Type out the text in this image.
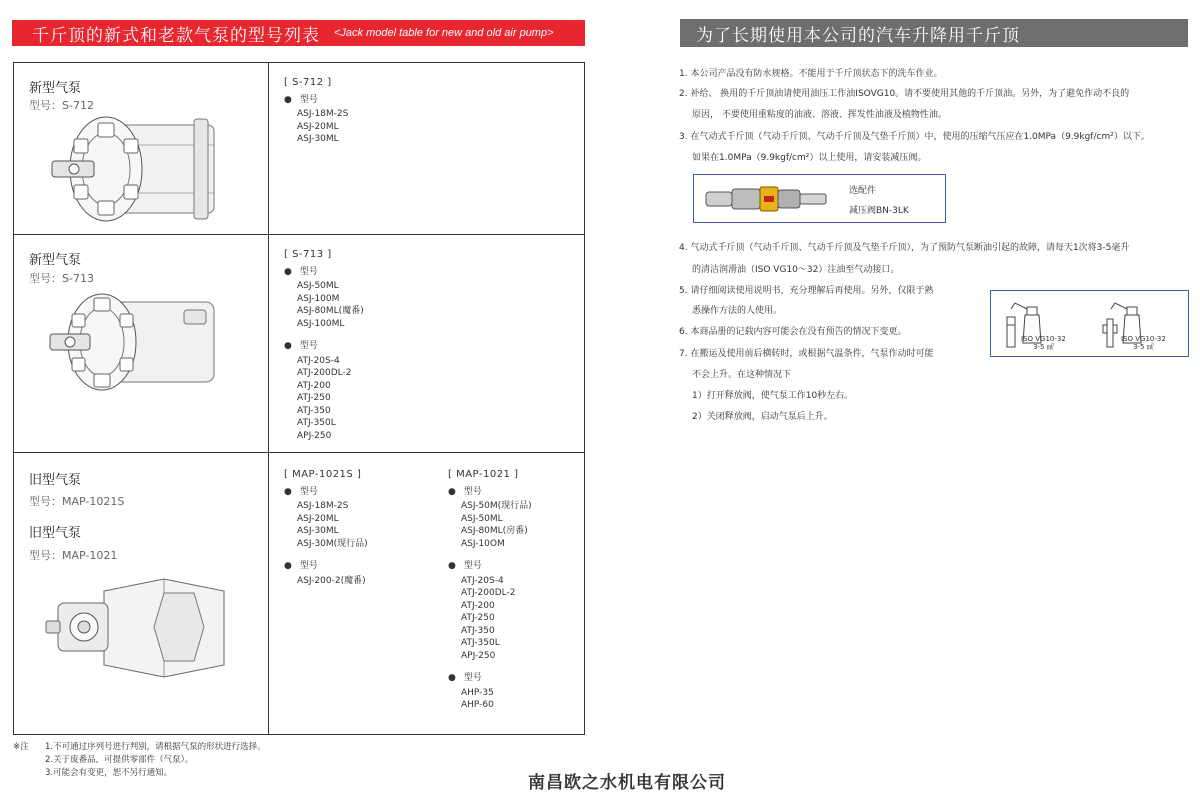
千斤顶的新式和老款气泵的型号列表 <Jack model table for new and old air pump>
新型气泵
型号：S-712
[ S-712 ]
● 型号
ASJ-18M-2S
ASJ-20ML
ASJ-30ML
新型气泵
型号：S-713
[ S-713 ]
● 型号
ASJ-50ML
ASJ-100M
ASJ-80ML(魔番)
ASJ-100ML
● 型号
ATJ-20S-4
ATJ-200DL-2
ATJ-200
ATJ-250
ATJ-350
ATJ-350L
APJ-250
旧型气泵
型号：MAP-1021S
旧型气泵
型号：MAP-1021
[ MAP-1021S ]
● 型号
ASJ-18M-2S
ASJ-20ML
ASJ-30ML
ASJ-30M(现行品)
● 型号
ASJ-200-2(魔番)
[ MAP-1021 ]
● 型号
ASJ-50M(现行品)
ASJ-50ML
ASJ-80ML(房番)
ASJ-10OM
● 型号
ATJ-20S-4
ATJ-200DL-2
ATJ-200
ATJ-250
ATJ-350
ATJ-350L
APJ-250
● 型号
AHP-35
AHP-60
※注	1.不可通过序列号进行判别，请根据气泵的形状进行选择。
2.关于废番品，可提供零部件（气泵）。
3.可能会有变更，恕不另行通知。	南昌欧之水机电有限公司
为了长期使用本公司的汽车升降用千斤顶
1. 本公司产品没有防水规格。不能用于千斤顶状态下的洗车作业。
2. 补给、 换用的千斤顶油请使用油压工作油ISOVG10。请不要使用其他的千斤顶油。另外，为了避免作动不良的
原因， 不要使用重粘度的油液、溶液、挥发性油液及植物性油。
3. 在气动式千斤顶（气动千斤顶、气动千斤顶及气垫千斤顶）中，使用的压缩气压应在1.0MPa（9.9kgf/cm²）以下。
如果在1.0MPa（9.9kgf/cm²）以上使用，请安装减压阀。
选配件
减压阀BN-3LK
4. 气动式千斤顶（气动千斤顶、气动千斤顶及气垫千斤顶），为了预防气泵断油引起的故障，请每天1次将3-5毫升
的清洁润滑油（ISO VG10～32）注油至气动接口。
5. 请仔细阅读使用说明书，充分理解后再使用。另外，仅限于熟
悉操作方法的人使用。
6. 本商品册的记载内容可能会在没有预告的情况下变更。
7. 在搬运及使用前后横转时，或根据气温条件，气泵作动时可能
不会上升。在这种情况下
1）打开释放阀，使气泵工作10秒左右。
2）关闭释放阀，启动气泵后上升。
ISO VG10-32
3-5 ㎖
ISO VG10-32
3-5 ㎖
